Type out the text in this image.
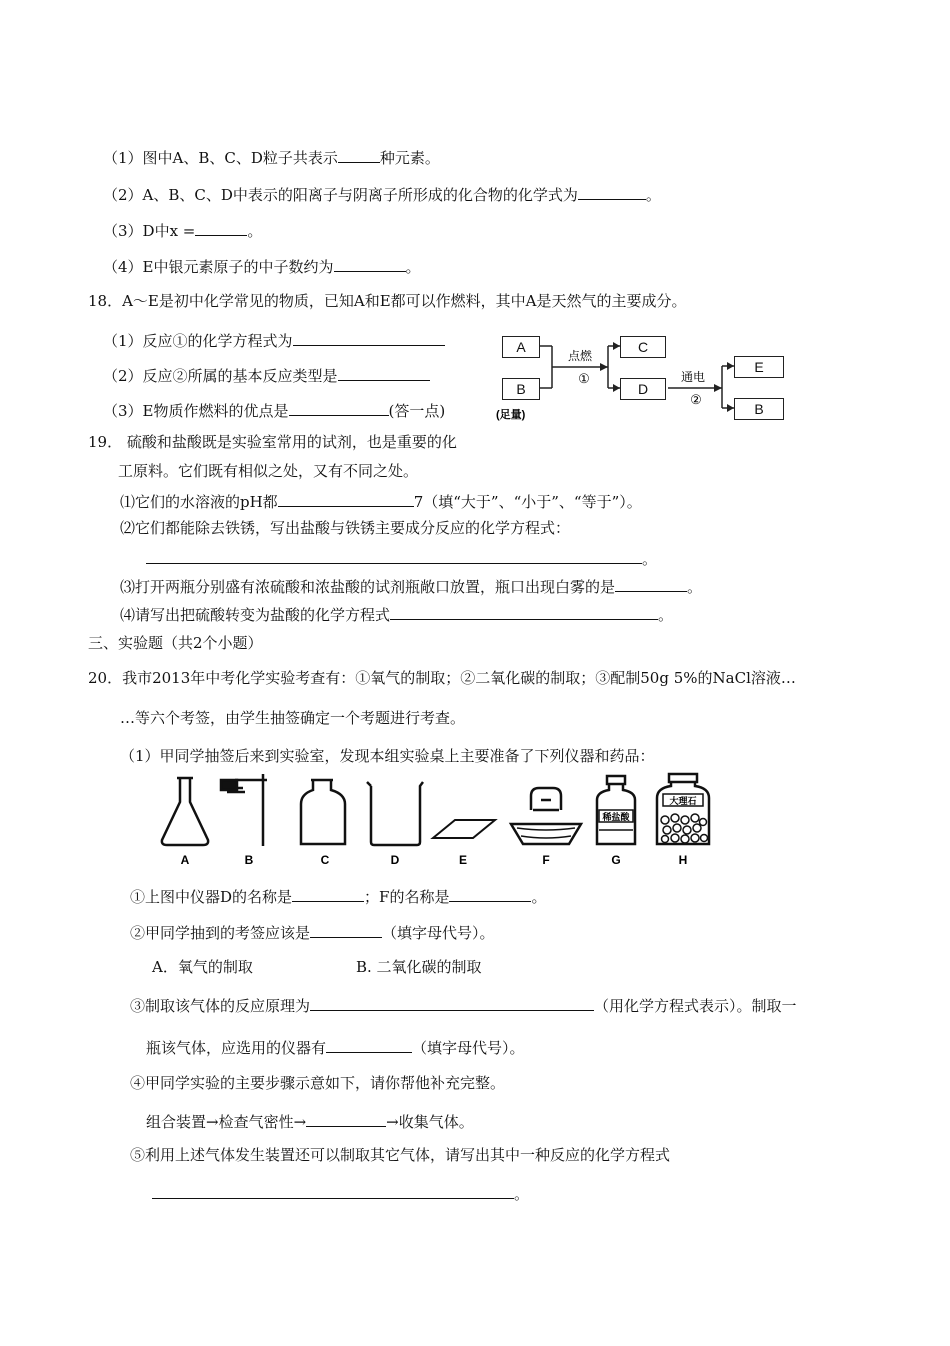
（1）图中A、B、C、D粒子共表示	种元素。
（2）A、B、C、D中表示的阳离子与阴离子所形成的化合物的化学式为	。
（3）D中x =	。
（4）E中银元素原子的中子数约为	。
18．A～E是初中化学常见的物质，已知A和E都可以作燃料，其中A是天然气的主要成分。
（1）反应①的化学方程式为
（2）反应②所属的基本反应类型是
（3）E物质作燃料的优点是	(答一点)
点燃
①	通电
②
(足量)
A
B
C
D
E
B
19． 硫酸和盐酸既是实验室常用的试剂，也是重要的化
工原料。它们既有相似之处，又有不同之处。
⑴它们的水溶液的pH都	7（填“大于”、“小于”、“等于”）。
⑵它们都能除去铁锈，写出盐酸与铁锈主要成分反应的化学方程式：
。
⑶打开两瓶分别盛有浓硫酸和浓盐酸的试剂瓶敞口放置，瓶口出现白雾的是	。
⑷请写出把硫酸转变为盐酸的化学方程式	。
三、实验题（共2个小题）
20．我市2013年中考化学实验考查有：①氧气的制取；②二氧化碳的制取；③配制50g 5%的NaCl溶液…
…等六个考签，由学生抽签确定一个考题进行考查。
（1）甲同学抽签后来到实验室，发现本组实验桌上主要准备了下列仪器和药品：
稀盐酸
大理石
A	B	C	D	E	F	G	H
①上图中仪器D的名称是	；F的名称是	。
②甲同学抽到的考签应该是	（填字母代号）。
A．氧气的制取	B. 二氧化碳的制取
③制取该气体的反应原理为	（用化学方程式表示）。制取一
瓶该气体，应选用的仪器有	（填字母代号）。
④甲同学实验的主要步骤示意如下，请你帮他补充完整。
组合装置→检查气密性→	→收集气体。
⑤利用上述气体发生装置还可以制取其它气体，请写出其中一种反应的化学方程式
。
